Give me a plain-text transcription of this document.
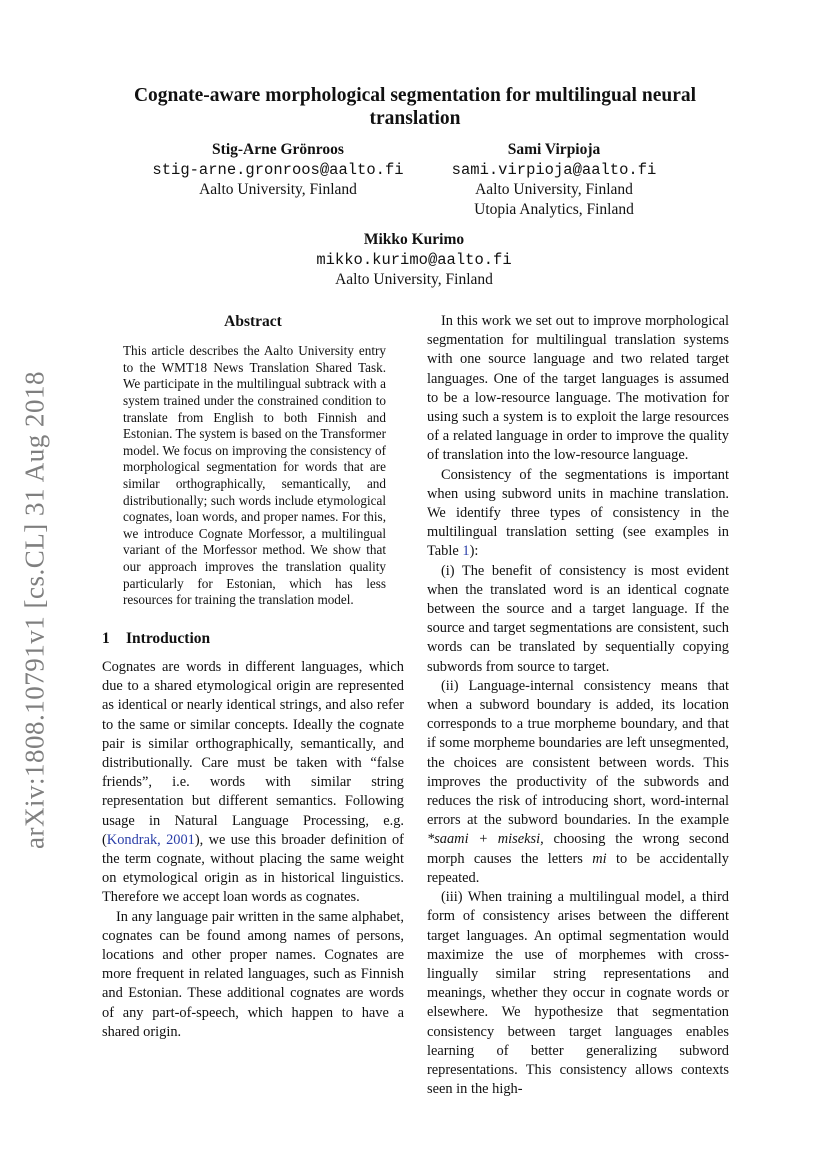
arXiv:1808.10791v1 [cs.CL] 31 Aug 2018
Cognate-aware morphological segmentation for multilingual neural translation
Stig-Arne Grönroos
stig-arne.gronroos@aalto.fi
Aalto University, Finland
Sami Virpioja
sami.virpioja@aalto.fi
Aalto University, Finland
Utopia Analytics, Finland
Mikko Kurimo
mikko.kurimo@aalto.fi
Aalto University, Finland
Abstract

This article describes the Aalto University entry to the WMT18 News Translation Shared Task. We participate in the multilingual subtrack with a system trained under the constrained condition to translate from English to both Finnish and Estonian. The system is based on the Transformer model. We focus on improving the consistency of morphological segmentation for words that are similar orthographically, semantically, and distributionally; such words include etymological cognates, loan words, and proper names. For this, we introduce Cognate Morfessor, a multilingual variant of the Morfessor method. We show that our approach improves the translation quality particularly for Estonian, which has less resources for training the translation model.

1 Introduction

Cognates are words in different languages, which due to a shared etymological origin are represented as identical or nearly identical strings, and also refer to the same or similar concepts. Ideally the cognate pair is similar orthographically, semantically, and distributionally. Care must be taken with “false friends”, i.e. words with similar string representation but different semantics. Following usage in Natural Language Processing, e.g. (Kondrak, 2001), we use this broader definition of the term cognate, without placing the same weight on etymological origin as in historical linguistics. Therefore we accept loan words as cognates.

In any language pair written in the same alphabet, cognates can be found among names of persons, locations and other proper names. Cognates are more frequent in related languages, such as Finnish and Estonian. These additional cognates are words of any part-of-speech, which happen to have a shared origin.

In this work we set out to improve morphological segmentation for multilingual translation systems with one source language and two related target languages. One of the target languages is assumed to be a low-resource language. The motivation for using such a system is to exploit the large resources of a related language in order to improve the quality of translation into the low-resource language.

Consistency of the segmentations is important when using subword units in machine translation. We identify three types of consistency in the multilingual translation setting (see examples in Table 1):

(i) The benefit of consistency is most evident when the translated word is an identical cognate between the source and a target language. If the source and target segmentations are consistent, such words can be translated by sequentially copying subwords from source to target.

(ii) Language-internal consistency means that when a subword boundary is added, its location corresponds to a true morpheme boundary, and that if some morpheme boundaries are left unsegmented, the choices are consistent between words. This improves the productivity of the subwords and reduces the risk of introducing short, word-internal errors at the subword boundaries. In the example *saami + miseksi, choosing the wrong second morph causes the letters mi to be accidentally repeated.

(iii) When training a multilingual model, a third form of consistency arises between the different target languages. An optimal segmentation would maximize the use of morphemes with cross-lingually similar string representations and meanings, whether they occur in cognate words or elsewhere. We hypothesize that segmentation consistency between target languages enables learning of better generalizing subword representations. This consistency allows contexts seen in the high-
